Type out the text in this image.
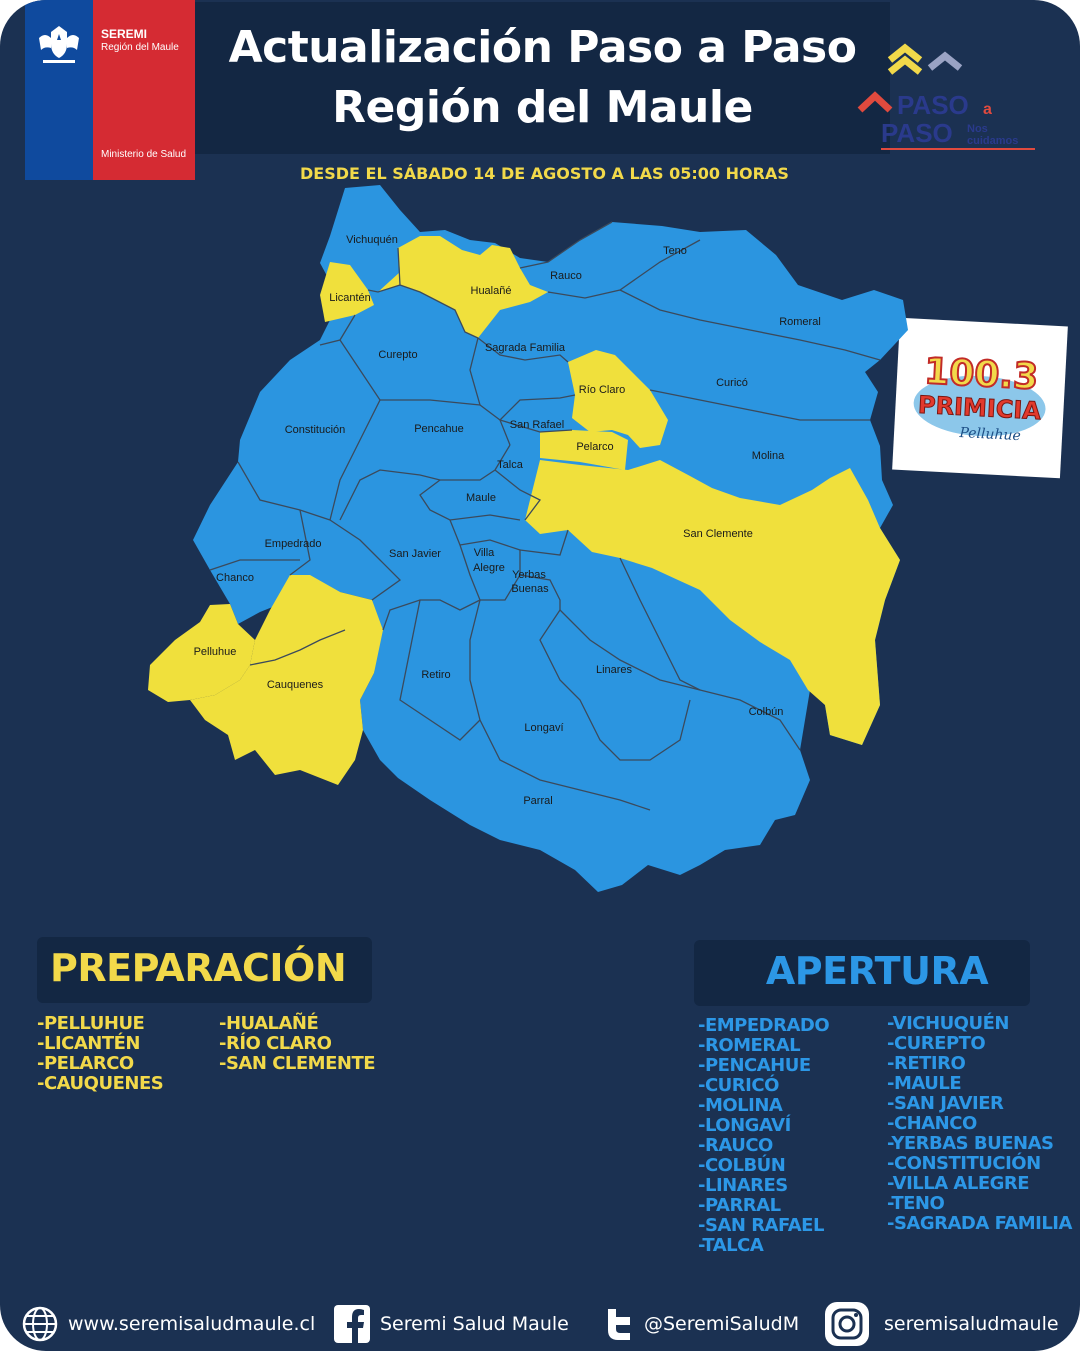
SEREMI
Región del Maule
Ministerio de Salud
Actualización Paso a Paso
Región del Maule
DESDE EL SÁBADO 14 DE AGOSTO A LAS 05:00 HORAS
PASO a
PASO Nos
cuidamos
100.3
PRIMICIA
Pelluhue
Vichuquén
Licantén
Hualañé
Teno
Rauco
Romeral
Curepto
Sagrada Familia
Río Claro
Curicó
Constitución	Pencahue	San Rafael
Pelarco
Molina
Talca
Maule
San Clemente
Empedrado
San Javier	Villa
Alegre
Yerbas
Buenas
Chanco
Pelluhue
Cauquenes
Retiro	Linares
Colbún
Longaví
Parral
PREPARACIÓN
-PELLUHUE
-LICANTÉN
-PELARCO
-CAUQUENES
-HUALAÑÉ
-RÍO CLARO
-SAN CLEMENTE
APERTURA
-EMPEDRADO
-ROMERAL
-PENCAHUE
-CURICÓ
-MOLINA
-LONGAVÍ
-RAUCO
-COLBÚN
-LINARES
-PARRAL
-SAN RAFAEL
-TALCA
-VICHUQUÉN
-CUREPTO
-RETIRO
-MAULE
-SAN JAVIER
-CHANCO
-YERBAS BUENAS
-CONSTITUCIÓN
-VILLA ALEGRE
-TENO
-SAGRADA FAMILIA
www.seremisaludmaule.cl	Seremi Salud Maule	@SeremiSaludM	seremisaludmaule
